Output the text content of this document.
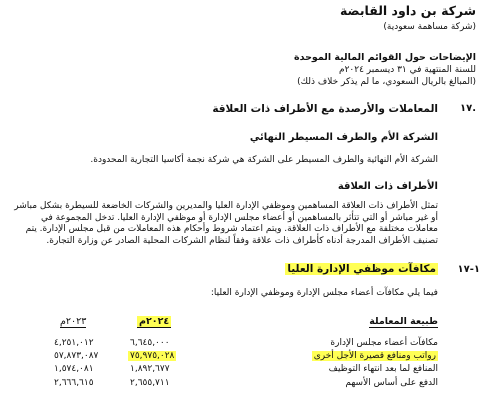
شركة بن داود القابضة
(شركة مساهمة سعودية)
الإيضاحات حول القوائم المالية الموحدة
للسنة المنتهية في ٣١ ديسمبر ٢٠٢٤م
(المبالغ بالريال السعودي، ما لم يذكر خلاف ذلك)
.١٧
المعاملات والأرصدة مع الأطراف ذات العلاقة
الشركة الأم والطرف المسيطر النهائي
الشركة الأم النهائية والطرف المسيطر على الشركة هي شركة نجمة أكاسيا التجارية المحدودة.
الأطراف ذات العلاقة
تمثل الأطراف ذات العلاقة المساهمين وموظفي الإدارة العليا والمديرين والشركات الخاضعة للسيطرة بشكل مباشر
أو غير مباشر أو التي تتأثر بالمساهمين أو أعضاء مجلس الإدارة أو موظفي الإدارة العليا. تدخل المجموعة في
معاملات مختلفة مع الأطراف ذات العلاقة. ويتم اعتماد شروط وأحكام هذه المعاملات من قبل مجلس الإدارة. يتم
تصنيف الأطراف المدرجة أدناه كأطراف ذات علاقة وفقاً لنظام الشركات المحلية الصادر عن وزارة التجارة.
١-١٧
مكافآت موظفي الإدارة العليا
فيما يلي مكافآت أعضاء مجلس الإدارة وموظفي الإدارة العليا:
طبيعة المعاملة
٢٠٢٤م
٢٠٢٣م
مكافآت أعضاء مجلس الإدارة
٦,٦٤٥,٠٠٠
٤,٢٥١,٠١٢
رواتب ومنافع قصيرة الأجل أخرى
٧٥,٩٧٥,٠٢٨
٥٧,٨٧٣,٠٨٧
المنافع لما بعد انتهاء التوظيف
١,٨٩٢,٦٧٧
١,٥٧٤,٠٨١
الدفع على أساس الأسهم
٢,٦٥٥,٧١١
٢,٦٦٦,٦١٥
